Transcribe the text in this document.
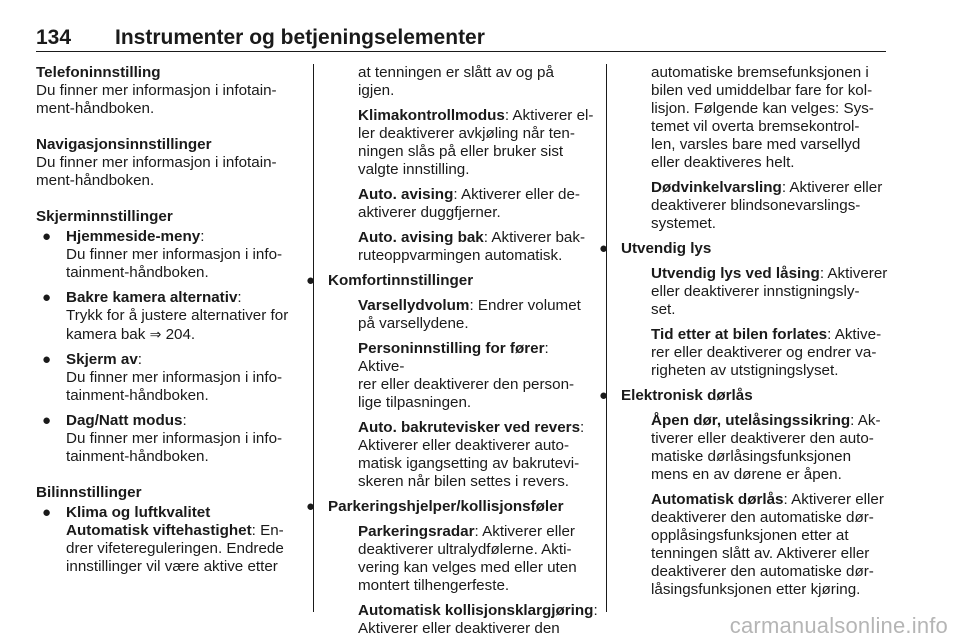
134 Instrumenter og betjeningselementer

Telefoninnstilling

Du finner mer informasjon i infotain-

ment-håndboken.

Navigasjonsinnstillinger

Du finner mer informasjon i infotain-

ment-håndboken.

Skjerminnstillinger

● Hjemmeside-meny:

Du finner mer informasjon i info-

tainment-håndboken.

● Bakre kamera alternativ:

Trykk for å justere alternativer for

kamera bak ⇒ 204.

● Skjerm av:

Du finner mer informasjon i info-

tainment-håndboken.

● Dag/Natt modus:

Du finner mer informasjon i info-

tainment-håndboken.

Bilinnstillinger

● Klima og luftkvalitet

Automatisk viftehastighet: En-

drer vifetereguleringen. Endrede

innstillinger vil være aktive etter

at tenningen er slått av og på

igjen.

Klimakontrollmodus: Aktiverer el-

ler deaktiverer avkjøling når ten-

ningen slås på eller bruker sist

valgte innstilling.

Auto. avising: Aktiverer eller de-

aktiverer duggfjerner.

Auto. avising bak: Aktiverer bak-

ruteoppvarmingen automatisk.

● Komfortinnstillinger

Varsellydvolum: Endrer volumet

på varsellydene.

Personinnstilling for fører: Aktive-

rer eller deaktiverer den person-

lige tilpasningen.

Auto. bakrutevisker ved revers:

Aktiverer eller deaktiverer auto-

matisk igangsetting av bakrutevi-

skeren når bilen settes i revers.

● Parkeringshjelper/kollisjonsføler

Parkeringsradar: Aktiverer eller

deaktiverer ultralydfølerne. Akti-

vering kan velges med eller uten

montert tilhengerfeste.

Automatisk kollisjonsklargjøring:

Aktiverer eller deaktiverer den

automatiske bremsefunksjonen i

bilen ved umiddelbar fare for kol-

lisjon. Følgende kan velges: Sys-

temet vil overta bremsekontrol-

len, varsles bare med varsellyd

eller deaktiveres helt.

Dødvinkelvarsling: Aktiverer eller

deaktiverer blindsonevarslings-

systemet.

● Utvendig lys

Utvendig lys ved låsing: Aktiverer

eller deaktiverer innstigningsly-

set.

Tid etter at bilen forlates: Aktive-

rer eller deaktiverer og endrer va-

righeten av utstigningslyset.

● Elektronisk dørlås

Åpen dør, utelåsingssikring: Ak-

tiverer eller deaktiverer den auto-

matiske dørlåsingsfunksjonen

mens en av dørene er åpen.

Automatisk dørlås: Aktiverer eller

deaktiverer den automatiske dør-

opplåsingsfunksjonen etter at

tenningen slått av. Aktiverer eller

deaktiverer den automatiske dør-

låsingsfunksjonen etter kjøring.

carmanualsonline.info
